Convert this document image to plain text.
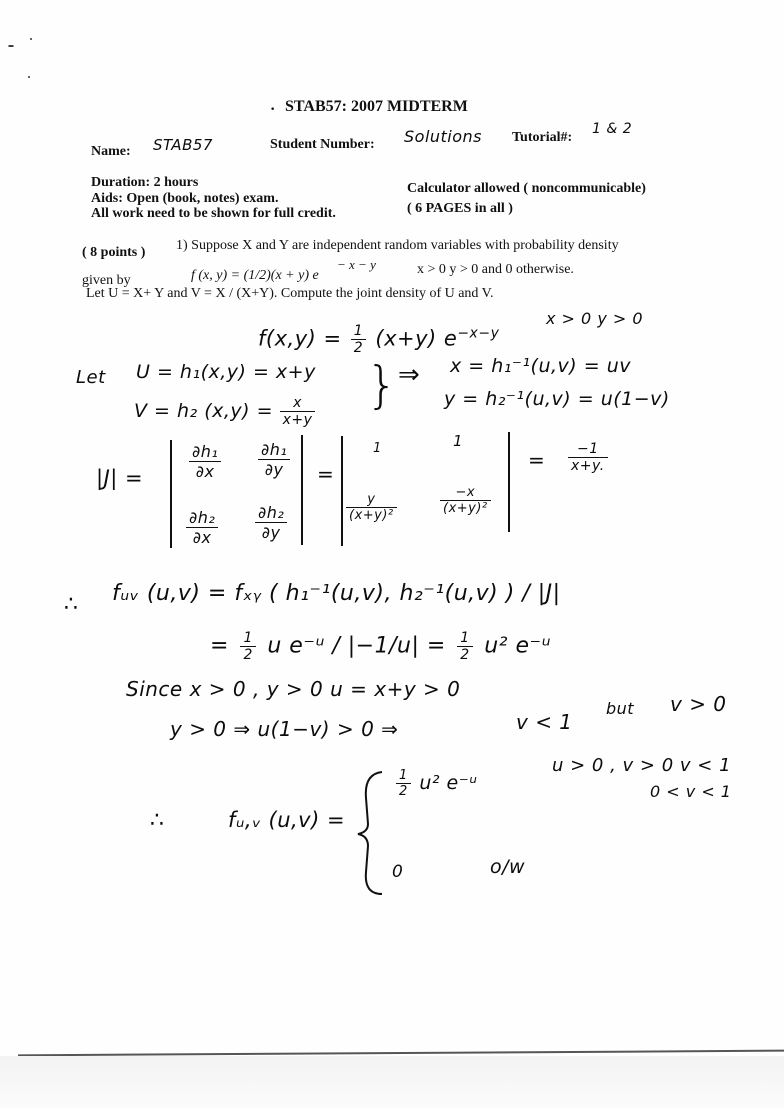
· STAB57: 2007 MIDTERM
Name: STAB57	Student Number: Solutions Tutorial#:
1 & 2
Duration: 2 hours
Aids: Open (book, notes) exam.
All work need to be shown for full credit.
Calculator allowed ( noncommunicable)
( 6 PAGES in all )
( 8 points ) 1) Suppose X and Y are independent random variables with probability density
given by	f (x, y) = (1/2)(x + y) e
− x − y	x > 0 y > 0 and 0 otherwise.
Let U = X+ Y and V = X / (X+Y). Compute the joint density of U and V.
$f(x,y) = \frac{1}{2} (x+y)$ $e^{-x-y}$
x > 0 y > 0
Let U = h₁(x,y) = x+y
V = h₂ $(x,y) = \frac{x}{x+y}$ } ⇒ x = h₁⁻¹(u,v) = uv
y = h₂⁻¹(u,v) = u(1−v)
|J| =	$\frac{\text{∂h₁}}{\partial x} \frac{\text{∂h₁}}{\partial y}$
$\frac{\text{∂h₂}}{\partial x} \frac{\text{∂h₂}}{\partial y}$
=
1	1
$\frac{y}{\text{(x+y)²}}$	$\frac{-x}{\text{(x+y)²}}$
= $\frac{-1}{x+y.}$
∴ fᵤᵥ (u,v) = fₓᵧ ( h₁⁻¹(u,v), h₂⁻¹(u,v) ) / |J|
= $\frac{1}{2}$ u e⁻ᵘ / $|-1/u| = \frac{1}{2} u^2$ e⁻ᵘ
Since x > 0 , y > 0 u = x+y > 0
y > 0 ⇒ u(1−v) > 0 ⇒	v < 1
but v > 0
∴	fᵤ,ᵥ (u,v) =
$\frac{1}{2} u^2$ e⁻ᵘ
u > 0 , v > 0 v < 1
0 < v < 1
0	o/w
